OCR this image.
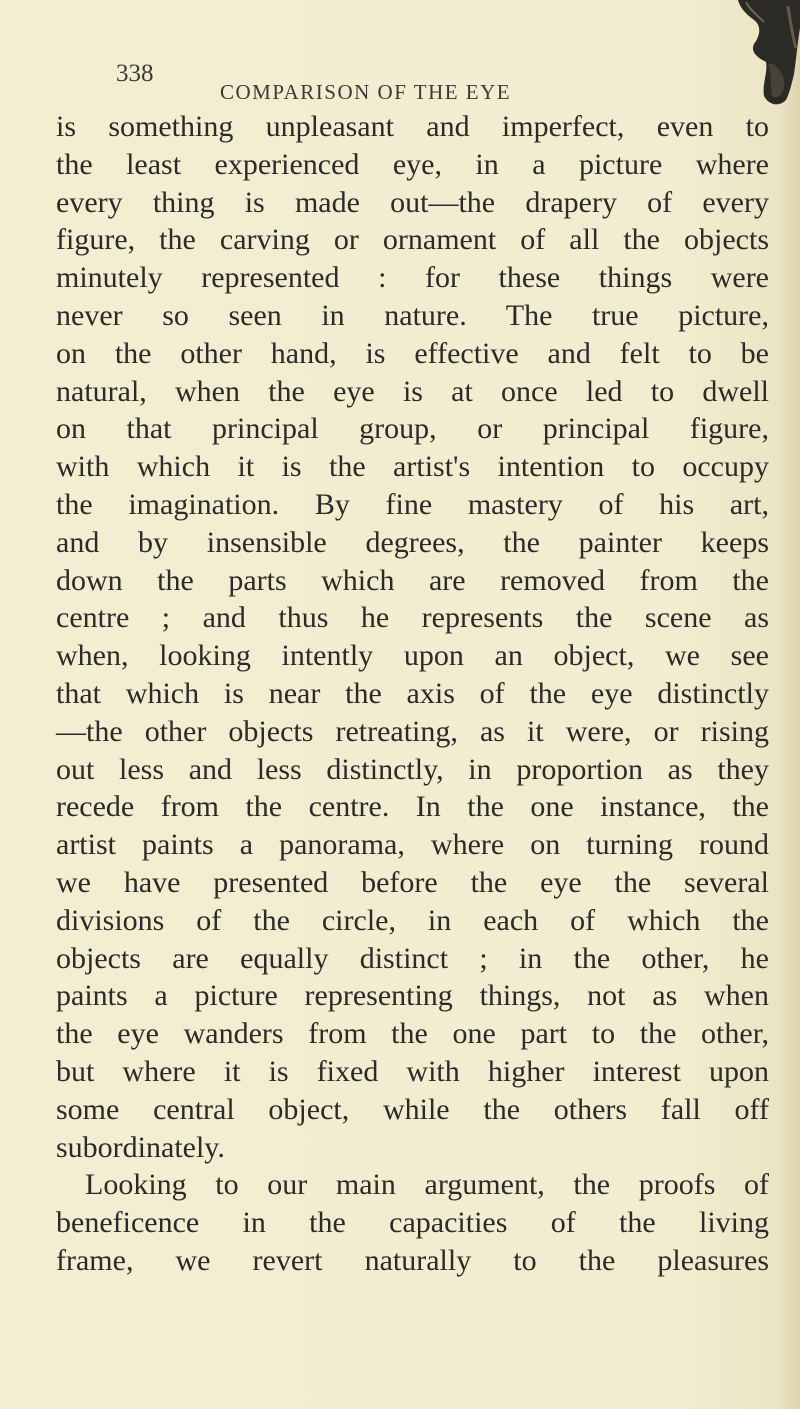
338
COMPARISON OF THE EYE
is something unpleasant and imperfect, even to
the least experienced eye, in a picture where
every thing is made out—the drapery of every
figure, the carving or ornament of all the objects
minutely represented : for these things were
never so seen in nature. The true picture,
on the other hand, is effective and felt to be
natural, when the eye is at once led to dwell
on that principal group, or principal figure,
with which it is the artist's intention to occupy
the imagination. By fine mastery of his art,
and by insensible degrees, the painter keeps
down the parts which are removed from the
centre ; and thus he represents the scene as
when, looking intently upon an object, we see
that which is near the axis of the eye distinctly
—the other objects retreating, as it were, or rising
out less and less distinctly, in proportion as they
recede from the centre. In the one instance, the
artist paints a panorama, where on turning round
we have presented before the eye the several
divisions of the circle, in each of which the
objects are equally distinct ; in the other, he
paints a picture representing things, not as when
the eye wanders from the one part to the other,
but where it is fixed with higher interest upon
some central object, while the others fall off
subordinately.
Looking to our main argument, the proofs of
beneficence in the capacities of the living
frame, we revert naturally to the pleasures
